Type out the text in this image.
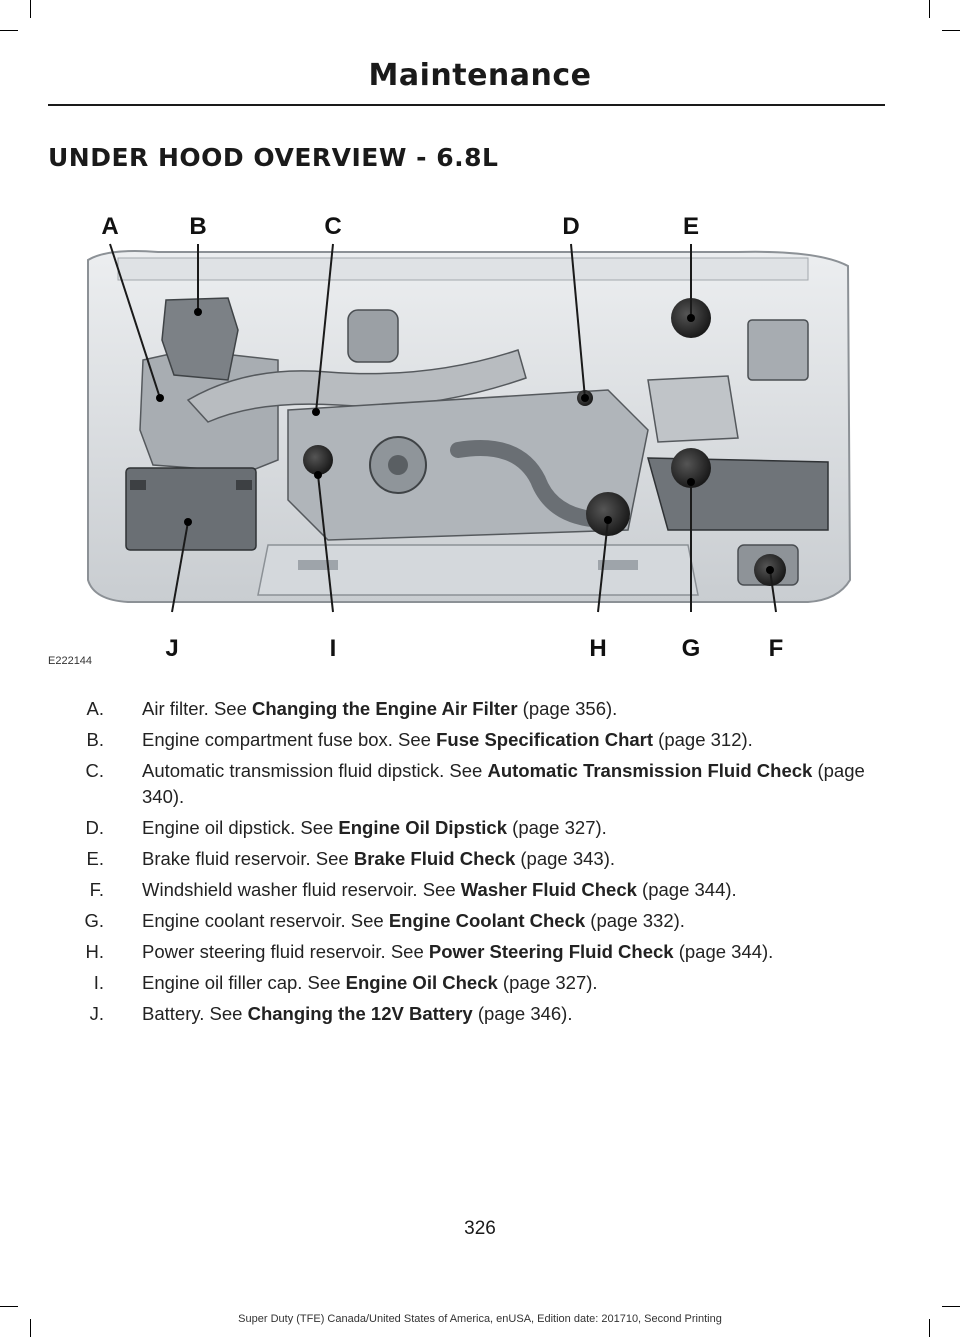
Maintenance
UNDER HOOD OVERVIEW - 6.8L
A	B	C	D	E
F
G
H
I
J
E222144
A. Air filter. See Changing the Engine Air Filter (page 356).
B. Engine compartment fuse box. See Fuse Specification Chart (page 312).
C. Automatic transmission fluid dipstick. See Automatic Transmission Fluid Check (page 340).
D. Engine oil dipstick. See Engine Oil Dipstick (page 327).
E. Brake fluid reservoir. See Brake Fluid Check (page 343).
F. Windshield washer fluid reservoir. See Washer Fluid Check (page 344).
G. Engine coolant reservoir. See Engine Coolant Check (page 332).
H. Power steering fluid reservoir. See Power Steering Fluid Check (page 344).
I. Engine oil filler cap. See Engine Oil Check (page 327).
J. Battery. See Changing the 12V Battery (page 346).
326
Super Duty (TFE) Canada/United States of America, enUSA, Edition date: 201710, Second Printing
